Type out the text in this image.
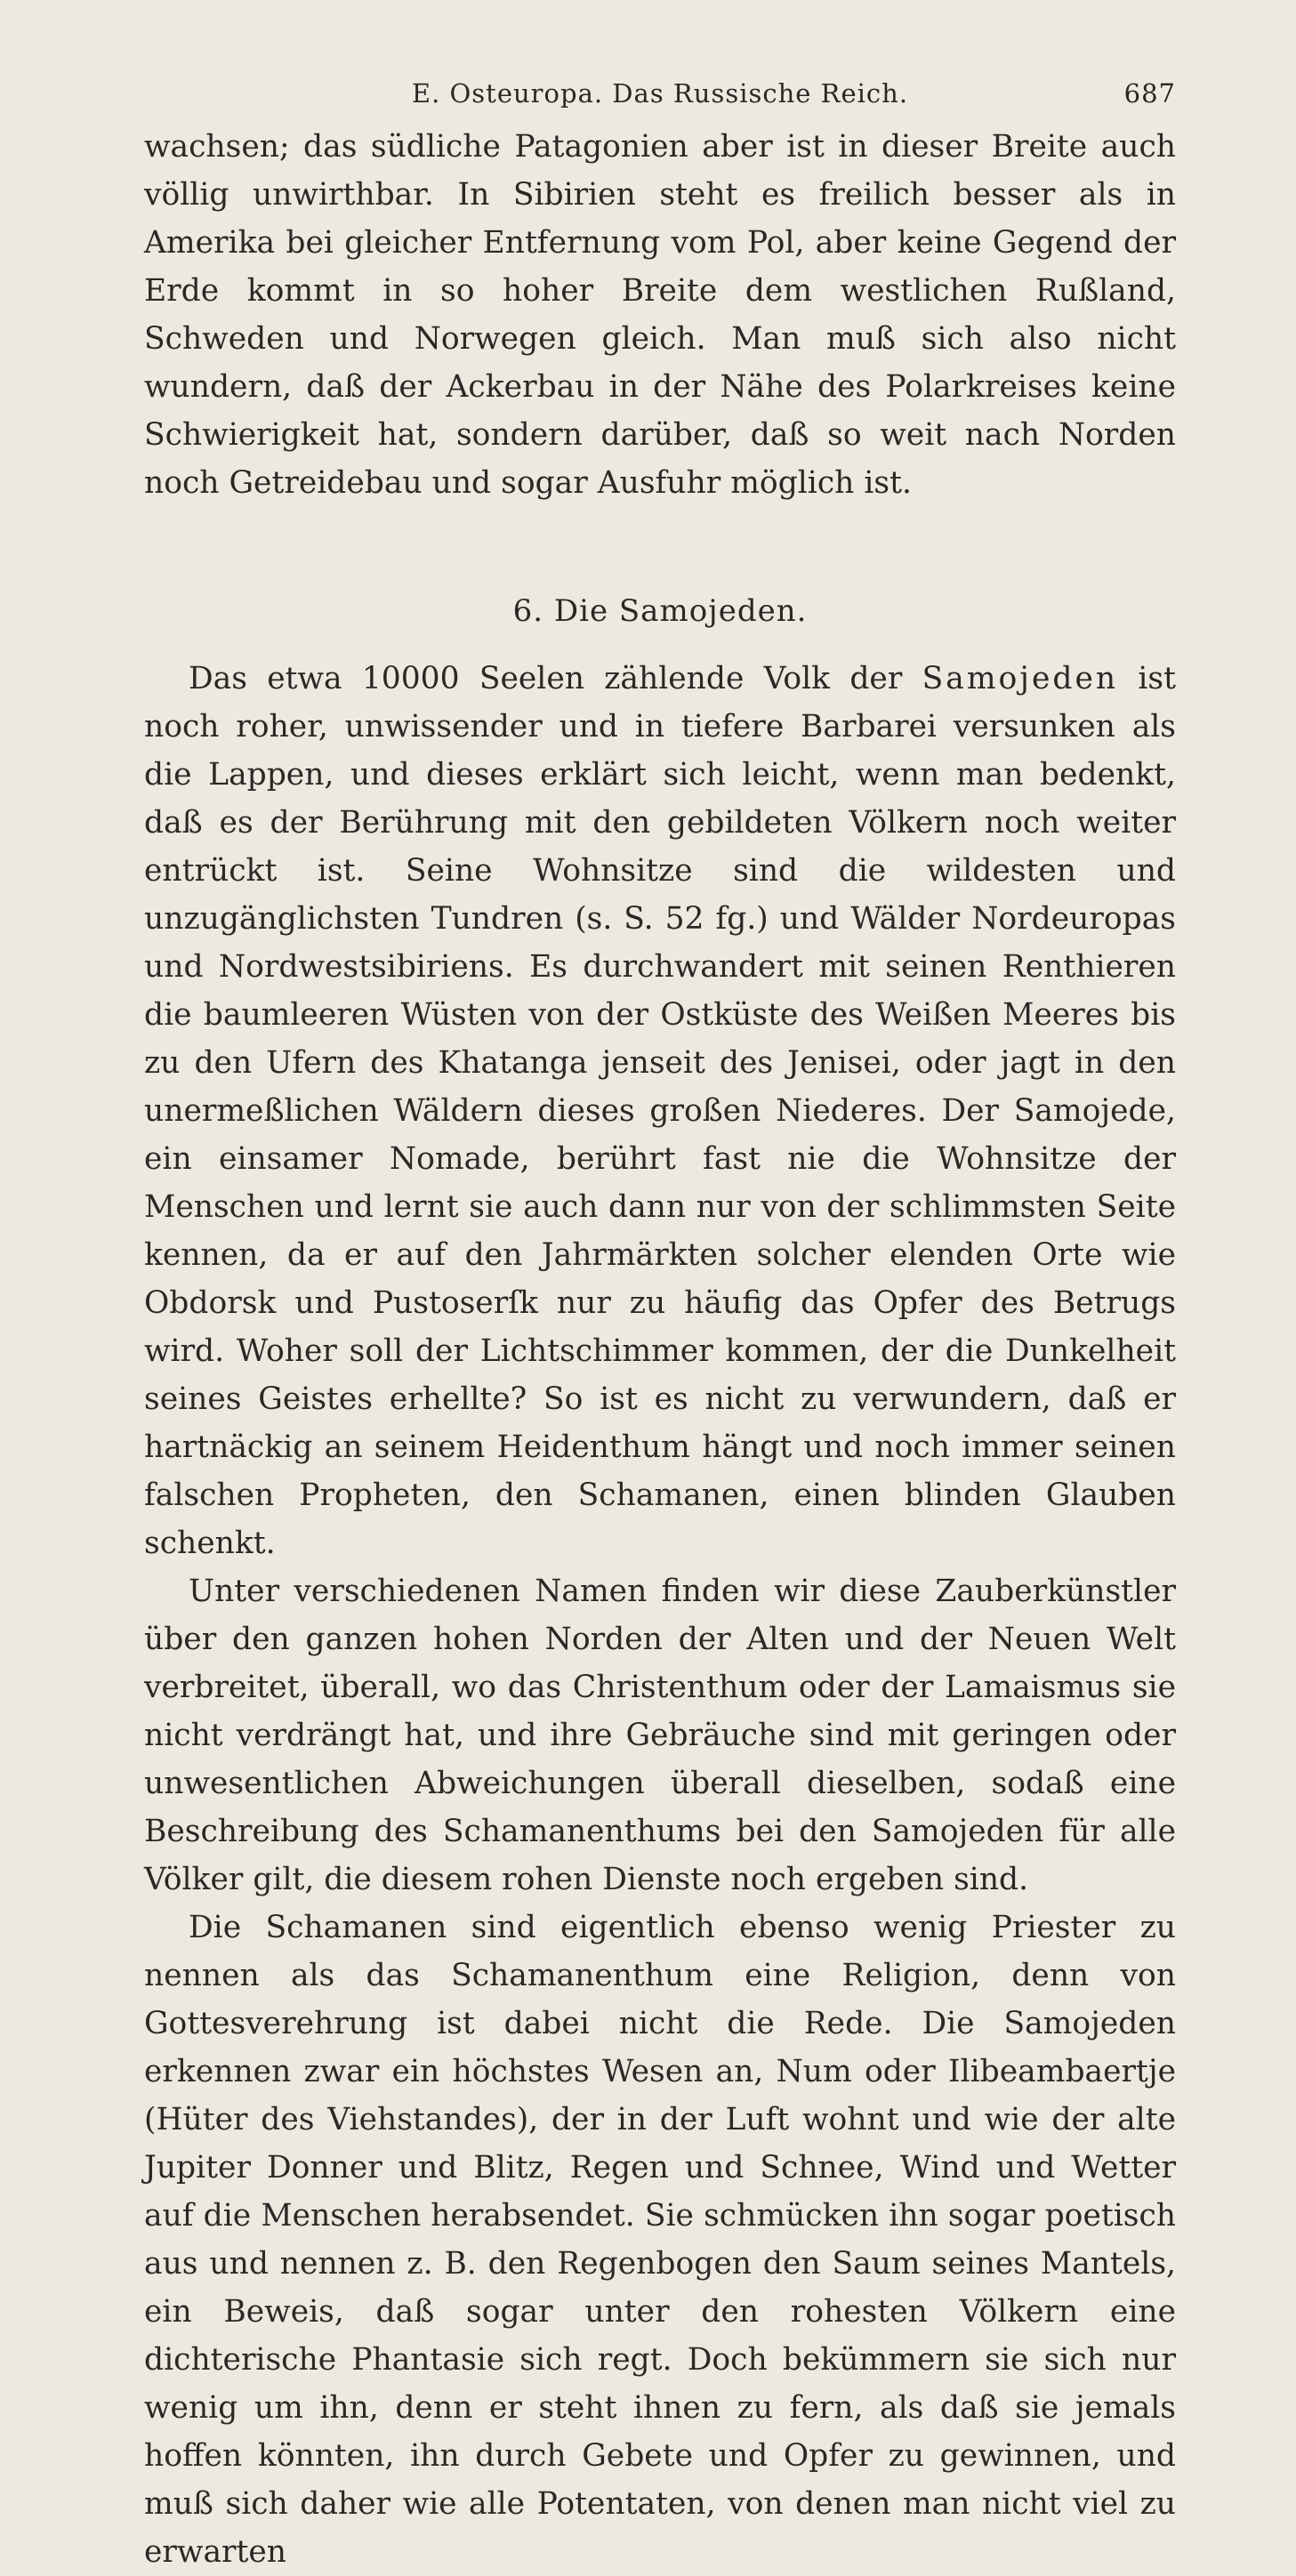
E. Osteuropa. Das Russische Reich.	687

wachsen; das südliche Patagonien aber ist in dieser Breite auch völlig unwirthbar. In Sibirien steht es freilich besser als in Amerika bei gleicher Entfernung vom Pol, aber keine Gegend der Erde kommt in so hoher Breite dem westlichen Rußland, Schweden und Norwegen gleich. Man muß sich also nicht wundern, daß der Ackerbau in der Nähe des Polarkreises keine Schwierigkeit hat, sondern darüber, daß so weit nach Norden noch Getreidebau und sogar Ausfuhr möglich ist.

6. Die Samojeden.

Das etwa 10000 Seelen zählende Volk der Samojeden ist noch roher, unwissender und in tiefere Barbarei versunken als die Lappen, und dieses erklärt sich leicht, wenn man bedenkt, daß es der Berührung mit den gebildeten Völkern noch weiter entrückt ist. Seine Wohnsitze sind die wildesten und unzugänglichsten Tundren (s. S. 52 fg.) und Wälder Nordeuropas und Nordwestsibiriens. Es durchwandert mit seinen Renthieren die baumleeren Wüsten von der Ostküste des Weißen Meeres bis zu den Ufern des Khatanga jenseit des Jenisei, oder jagt in den unermeßlichen Wäldern dieses großen Niederes. Der Samojede, ein einsamer Nomade, berührt fast nie die Wohnsitze der Menschen und lernt sie auch dann nur von der schlimmsten Seite kennen, da er auf den Jahrmärkten solcher elenden Orte wie Obdorsk und Pustoserſk nur zu häufig das Opfer des Betrugs wird. Woher soll der Lichtschimmer kommen, der die Dunkelheit seines Geistes erhellte? So ist es nicht zu verwundern, daß er hartnäckig an seinem Heidenthum hängt und noch immer seinen falschen Propheten, den Schamanen, einen blinden Glauben schenkt.

Unter verschiedenen Namen finden wir diese Zauberkünstler über den ganzen hohen Norden der Alten und der Neuen Welt verbreitet, überall, wo das Christenthum oder der Lamaismus sie nicht verdrängt hat, und ihre Gebräuche sind mit geringen oder unwesentlichen Abweichungen überall dieselben, sodaß eine Beschreibung des Schamanenthums bei den Samojeden für alle Völker gilt, die diesem rohen Dienste noch ergeben sind.

Die Schamanen sind eigentlich ebenso wenig Priester zu nennen als das Schamanenthum eine Religion, denn von Gottesverehrung ist dabei nicht die Rede. Die Samojeden erkennen zwar ein höchstes Wesen an, Num oder Ilibeambaertje (Hüter des Viehstandes), der in der Luft wohnt und wie der alte Jupiter Donner und Blitz, Regen und Schnee, Wind und Wetter auf die Menschen herabsendet. Sie schmücken ihn sogar poetisch aus und nennen z. B. den Regenbogen den Saum seines Mantels, ein Beweis, daß sogar unter den rohesten Völkern eine dichterische Phantasie sich regt. Doch bekümmern sie sich nur wenig um ihn, denn er steht ihnen zu fern, als daß sie jemals hoffen könnten, ihn durch Gebete und Opfer zu gewinnen, und muß sich daher wie alle Potentaten, von denen man nicht viel zu erwarten
